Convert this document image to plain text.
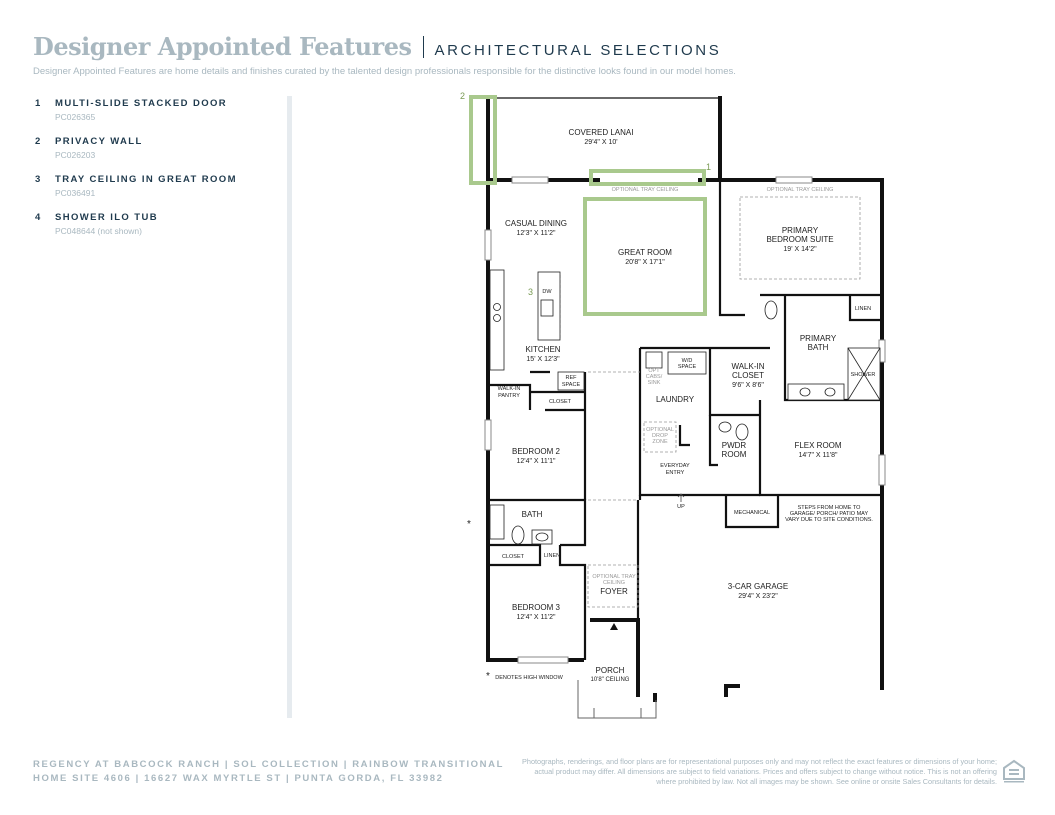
Designer Appointed Features ARCHITECTURAL SELECTIONS
Designer Appointed Features are home details and finishes curated by the talented design professionals responsible for the distinctive looks found in our model homes.
1	MULTI-SLIDE STACKED DOOR
PC026365
2	PRIVACY WALL
PC026203
3	TRAY CEILING IN GREAT ROOM
PC036491
4	SHOWER ILO TUB
PC048644 (not shown)
2
1
3
COVERED LANAI
29'4" X 10'
CASUAL DINING
12'3" X 11'2"
GREAT ROOM
20'8" X 17'1"
PRIMARY
BEDROOM SUITE
19' X 14'2"
KITCHEN
15' X 12'3"
PRIMARY
BATH
WALK-IN
CLOSET
9'6" X 8'6"
LAUNDRY
PWDR
ROOM
FLEX ROOM
14'7" X 11'8"
BEDROOM 2
12'4" X 11'1"
BEDROOM 3
12'4" X 11'2"
3-CAR GARAGE
29'4" X 23'2"
PORCH
10'8" CEILING
FOYER
BATH
OPTIONAL TRAY CEILING	OPTIONAL TRAY CEILING
OPTIONAL TRAY
CEILING
LINEN
LINEN
SHOWER
W/D
SPACE
OPT
CABS/
SINK
DW
REF
SPACE
WALK-IN
PANTRY
CLOSET
CLOSET
OPTIONAL
DROP
ZONE
EVERYDAY
ENTRY
UP
MECHANICAL
STEPS FROM HOME TO
GARAGE/ PORCH/ PATIO MAY
VARY DUE TO SITE CONDITIONS.
DENOTES HIGH WINDOW
*
*
REGENCY AT BABCOCK RANCH | SOL COLLECTION | RAINBOW TRANSITIONAL
HOME SITE 4606 | 16627 WAX MYRTLE ST | PUNTA GORDA, FL 33982
Photographs, renderings, and floor plans are for representational purposes only and may not reflect the exact features or dimensions of your home; actual product may differ. All dimensions are subject to field variations. Prices and offers subject to change without notice. This is not an offering where prohibited by law. Not all images may be shown. See online or onsite Sales Consultants for details.
